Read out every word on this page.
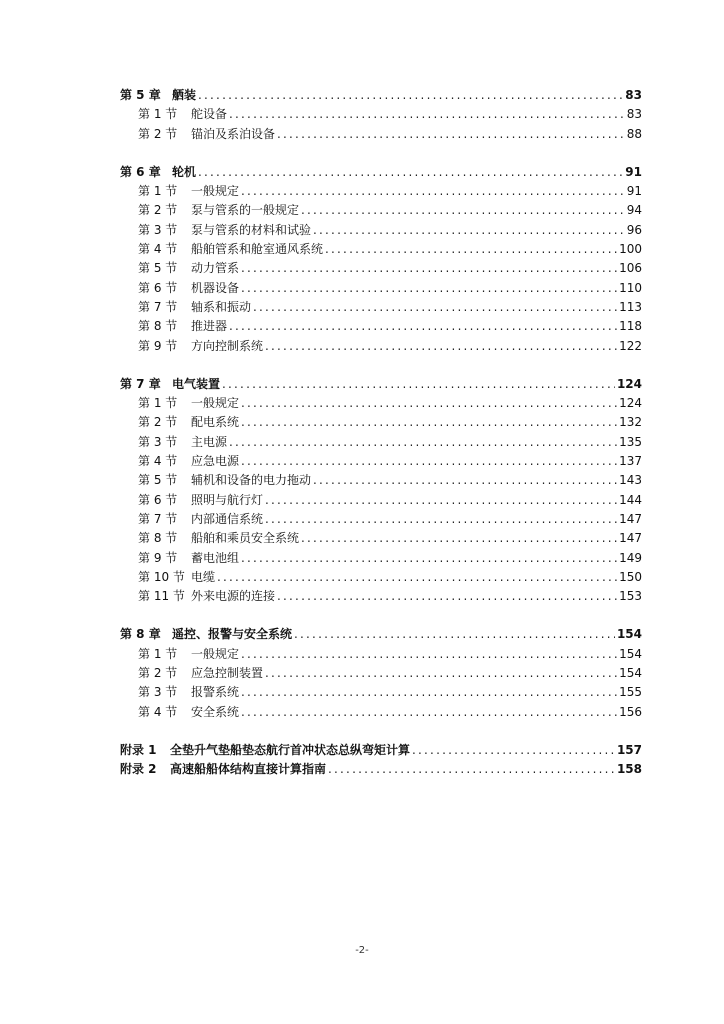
第 5 章 舾装 .....	83
第 1 节 舵设备 .....	83
第 2 节 锚泊及系泊设备 .....	88
第 6 章 轮机 .....	91
第 1 节 一般规定 .....	91
第 2 节 泵与管系的一般规定 .....	94
第 3 节 泵与管系的材料和试验 .....	96
第 4 节 船舶管系和舱室通风系统 .....	100
第 5 节 动力管系 .....	106
第 6 节 机器设备 .....	110
第 7 节 轴系和振动 .....	113
第 8 节 推进器 .....	118
第 9 节 方向控制系统 .....	122
第 7 章 电气装置 .....	124
第 1 节 一般规定 .....	124
第 2 节 配电系统 .....	132
第 3 节 主电源 .....	135
第 4 节 应急电源 .....	137
第 5 节 辅机和设备的电力拖动 .....	143
第 6 节 照明与航行灯 .....	144
第 7 节 内部通信系统 .....	147
第 8 节 船舶和乘员安全系统 .....	147
第 9 节 蓄电池组 .....	149
第 10 节 电缆 .....	150
第 11 节 外来电源的连接 .....	153
第 8 章 遥控、报警与安全系统 .....	154
第 1 节 一般规定 .....	154
第 2 节 应急控制装置 .....	154
第 3 节 报警系统 .....	155
第 4 节 安全系统 .....	156
附录 1 全垫升气垫船垫态航行首冲状态总纵弯矩计算 .....	157
附录 2 高速船船体结构直接计算指南 .....	158
-2-
